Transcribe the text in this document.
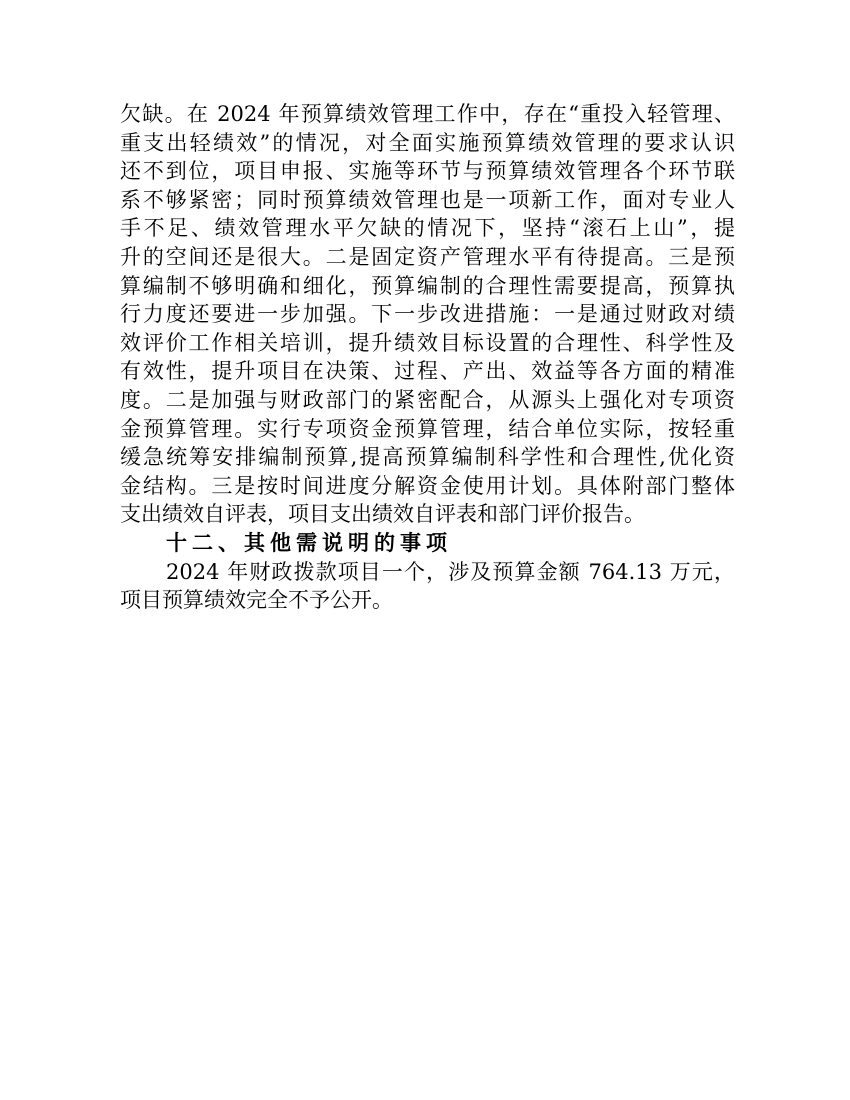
欠缺。在 2024 年预算绩效管理工作中，存在“重投入轻管理、
重支出轻绩效”的情况，对全面实施预算绩效管理的要求认识
还不到位，项目申报、实施等环节与预算绩效管理各个环节联
系不够紧密；同时预算绩效管理也是一项新工作，面对专业人
手不足、绩效管理水平欠缺的情况下，坚持“滚石上山”，提
升的空间还是很大。二是固定资产管理水平有待提高。三是预
算编制不够明确和细化，预算编制的合理性需要提高，预算执
行力度还要进一步加强。下一步改进措施：一是通过财政对绩
效评价工作相关培训，提升绩效目标设置的合理性、科学性及
有效性，提升项目在决策、过程、产出、效益等各方面的精准
度。二是加强与财政部门的紧密配合，从源头上强化对专项资
金预算管理。实行专项资金预算管理，结合单位实际，按轻重
缓急统筹安排编制预算,提高预算编制科学性和合理性,优化资
金结构。三是按时间进度分解资金使用计划。具体附部门整体
支出绩效自评表，项目支出绩效自评表和部门评价报告。
十二、其他需说明的事项
2024 年财政拨款项目一个，涉及预算金额 764.13 万元，
项目预算绩效完全不予公开。
